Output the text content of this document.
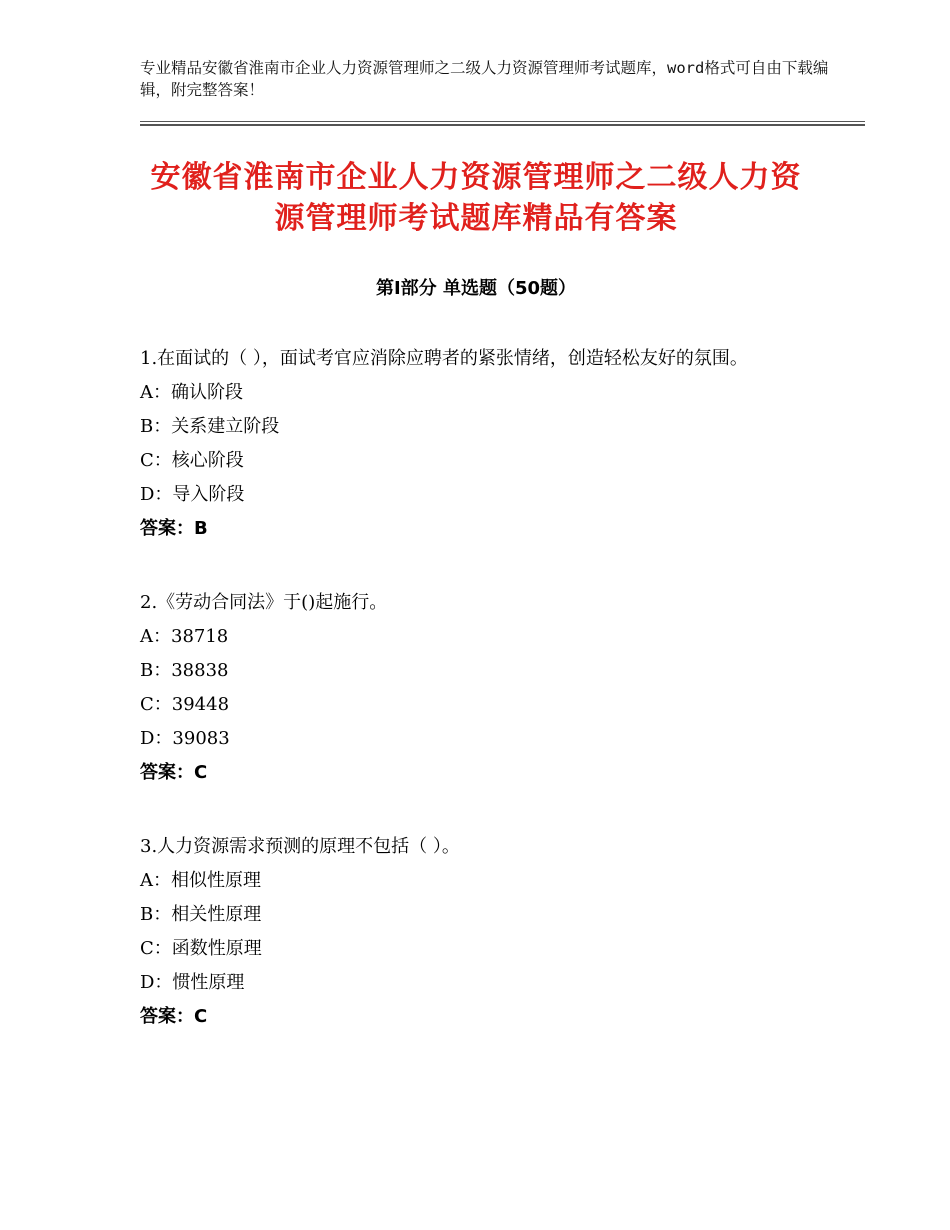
专业精品安徽省淮南市企业人力资源管理师之二级人力资源管理师考试题库，word格式可自由下载编辑，附完整答案！
安徽省淮南市企业人力资源管理师之二级人力资源管理师考试题库精品有答案
第Ⅰ部分 单选题（50题）
1.在面试的（ ），面试考官应消除应聘者的紧张情绪，创造轻松友好的氛围。
A：确认阶段
B：关系建立阶段
C：核心阶段
D：导入阶段
答案：B
2.《劳动合同法》于()起施行。
A：38718
B：38838
C：39448
D：39083
答案：C
3.人力资源需求预测的原理不包括（ ）。
A：相似性原理
B：相关性原理
C：函数性原理
D：惯性原理
答案：C
